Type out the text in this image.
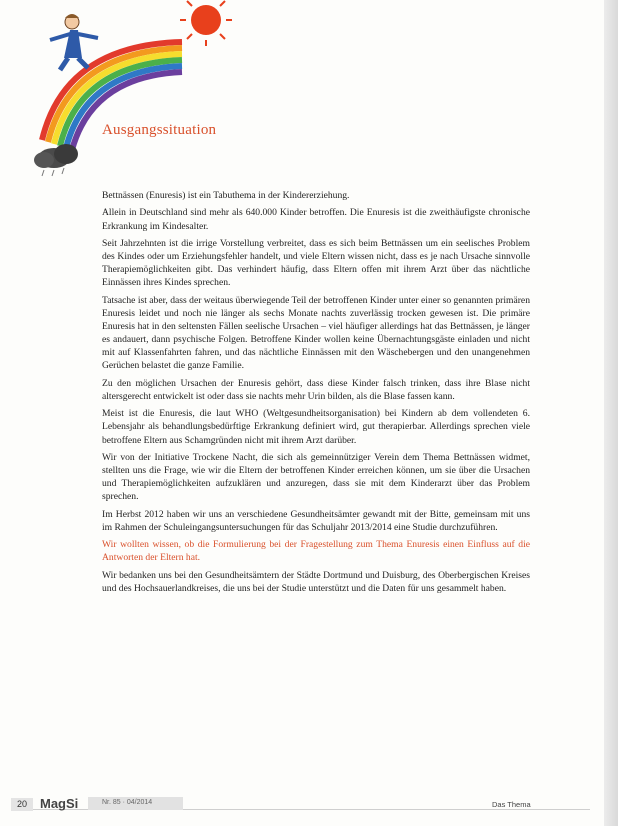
Ausgangssituation

Bettnässen (Enuresis) ist ein Tabuthema in der Kindererziehung.

Allein in Deutschland sind mehr als 640.000 Kinder betroffen. Die Enuresis ist die zweithäufigste chronische Erkrankung im Kindesalter.

Seit Jahrzehnten ist die irrige Vorstellung verbreitet, dass es sich beim Bettnässen um ein seelisches Problem des Kindes oder um Erziehungsfehler handelt, und viele Eltern wissen nicht, dass es je nach Ursache sinnvolle Therapiemöglichkeiten gibt. Das verhindert häufig, dass Eltern offen mit ihrem Arzt über das nächtliche Einnässen ihres Kindes sprechen.

Tatsache ist aber, dass der weitaus überwiegende Teil der betroffenen Kinder unter einer so genannten primären Enuresis leidet und noch nie länger als sechs Monate nachts zuverlässig trocken gewesen ist. Die primäre Enuresis hat in den seltensten Fällen seelische Ursachen – viel häufiger allerdings hat das Bettnässen, je länger es andauert, dann psychische Folgen. Betroffene Kinder wollen keine Übernachtungsgäste einladen und nicht mit auf Klassenfahrten fahren, und das nächtliche Einnässen mit den Wäschebergen und den unangenehmen Gerüchen belastet die ganze Familie.

Zu den möglichen Ursachen der Enuresis gehört, dass diese Kinder falsch trinken, dass ihre Blase nicht altersgerecht entwickelt ist oder dass sie nachts mehr Urin bilden, als die Blase fassen kann.

Meist ist die Enuresis, die laut WHO (Weltgesundheitsorganisation) bei Kindern ab dem vollendeten 6. Lebensjahr als behandlungsbedürftige Erkrankung definiert wird, gut therapierbar. Allerdings sprechen viele betroffene Eltern aus Schamgründen nicht mit ihrem Arzt darüber.

Wir von der Initiative Trockene Nacht, die sich als gemeinnütziger Verein dem Thema Bettnässen widmet, stellten uns die Frage, wie wir die Eltern der betroffenen Kinder erreichen können, um sie über die Ursachen und Therapiemöglichkeiten aufzuklären und anzuregen, dass sie mit dem Kinderarzt über das Problem sprechen.

Im Herbst 2012 haben wir uns an verschiedene Gesundheitsämter gewandt mit der Bitte, gemeinsam mit uns im Rahmen der Schuleingangsuntersuchungen für das Schuljahr 2013/2014 eine Studie durchzuführen.

Wir wollten wissen, ob die Formulierung bei der Fragestellung zum Thema Enuresis einen Einfluss auf die Antworten der Eltern hat.

Wir bedanken uns bei den Gesundheitsämtern der Städte Dortmund und Duisburg, des Oberbergischen Kreises und des Hochsauerlandkreises, die uns bei der Studie unterstützt und die Daten für uns gesammelt haben.

20	MagSi	Nr. 85 · 04/2014	Das Thema
